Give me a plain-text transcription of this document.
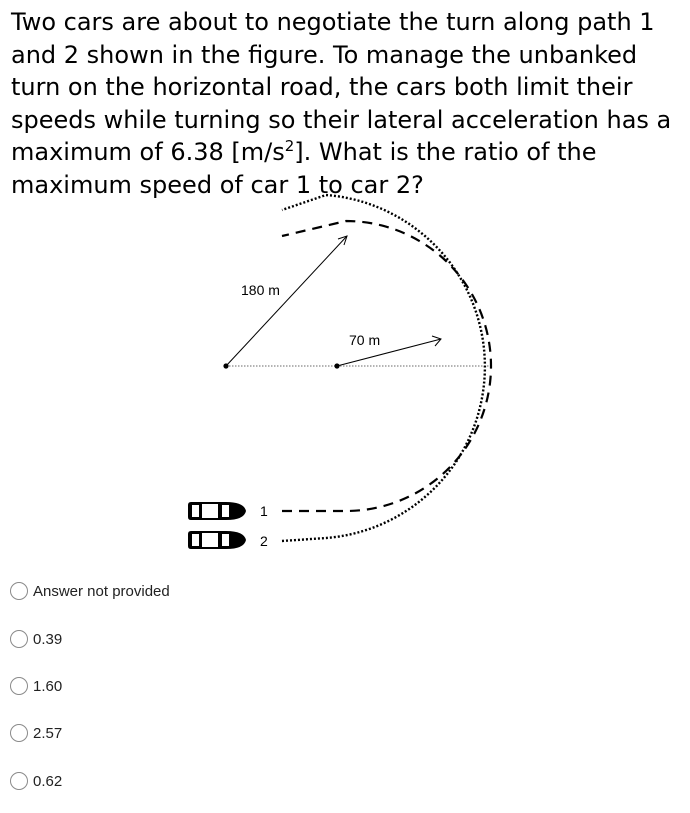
Two cars are about to negotiate the turn along path 1 and 2 shown in the figure. To manage the unbanked turn on the horizontal road, the cars both limit their speeds while turning so their lateral acceleration has a maximum of 6.38 $[m/s^2]$. What is the ratio of the maximum speed of car 1 to car 2?

180 m
70 m
1
2
Answer not provided
0.39
1.60
2.57
0.62
